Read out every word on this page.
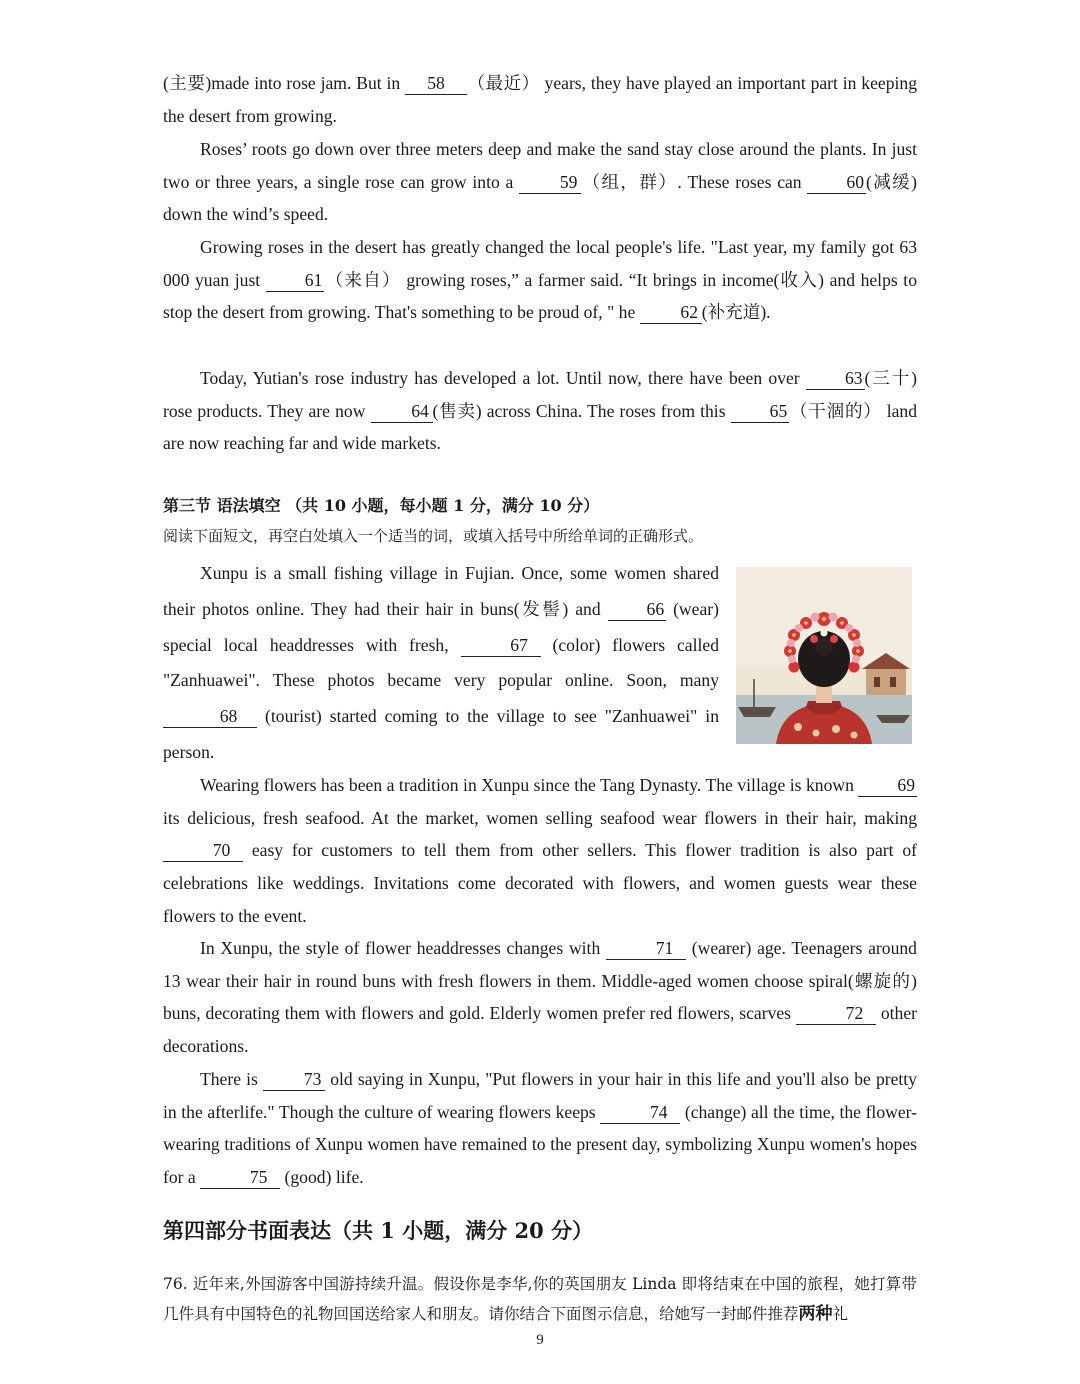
(主要)made into rose jam. But in 58 （最近） years, they have played an important part in keeping the desert from growing.

Roses’ roots go down over three meters deep and make the sand stay close around the plants. In just two or three years, a single rose can grow into a 59 （组，群）. These roses can 60 (减缓) down the wind’s speed.

Growing roses in the desert has greatly changed the local people's life. "Last year, my family got 63 000 yuan just 61 （来自） growing roses,” a farmer said. “It brings in income(收入) and helps to stop the desert from growing. That's something to be proud of, " he 62 (补充道).

Today, Yutian's rose industry has developed a lot. Until now, there have been over 63 (三十) rose products. They are now 64 (售卖) across China. The roses from this 65 （干涸的） land are now reaching far and wide markets.

第三节 语法填空 （共 10 小题，每小题 1 分，满分 10 分）
阅读下面短文，再空白处填入一个适当的词，或填入括号中所给单词的正确形式。

Xunpu is a small fishing village in Fujian. Once, some women shared their photos online. They had their hair in buns(发髻) and 66 (wear) special local headdresses with fresh,	67 (color) flowers called "Zanhuawei". These photos became very popular online. Soon, many 68 (tourist) started coming to the village to see "Zanhuawei" in person.

Wearing flowers has been a tradition in Xunpu since the Tang Dynasty. The village is known 69 its delicious, fresh seafood. At the market, women selling seafood wear flowers in their hair, making 70 easy for customers to tell them from other sellers. This flower tradition is also part of celebrations like weddings. Invitations come decorated with flowers, and women guests wear these flowers to the event.

In Xunpu, the style of flower headdresses changes with	71 (wearer) age. Teenagers around 13 wear their hair in round buns with fresh flowers in them. Middle-aged women choose spiral(螺旋的) buns, decorating them with flowers and gold. Elderly women prefer red flowers, scarves	72 other decorations.

There is 73 old saying in Xunpu, "Put flowers in your hair in this life and you'll also be pretty in the afterlife." Though the culture of wearing flowers keeps	74 (change) all the time, the flower-wearing traditions of Xunpu women have remained to the present day, symbolizing Xunpu women's hopes for a	75 (good) life.

第四部分书面表达（共 1 小题，满分 20 分）

76. 近年来,外国游客中国游持续升温。假设你是李华,你的英国朋友 Linda 即将结束在中国的旅程，她打算带几件具有中国特色的礼物回国送给家人和朋友。请你结合下面图示信息，给她写一封邮件推荐两种礼

9
